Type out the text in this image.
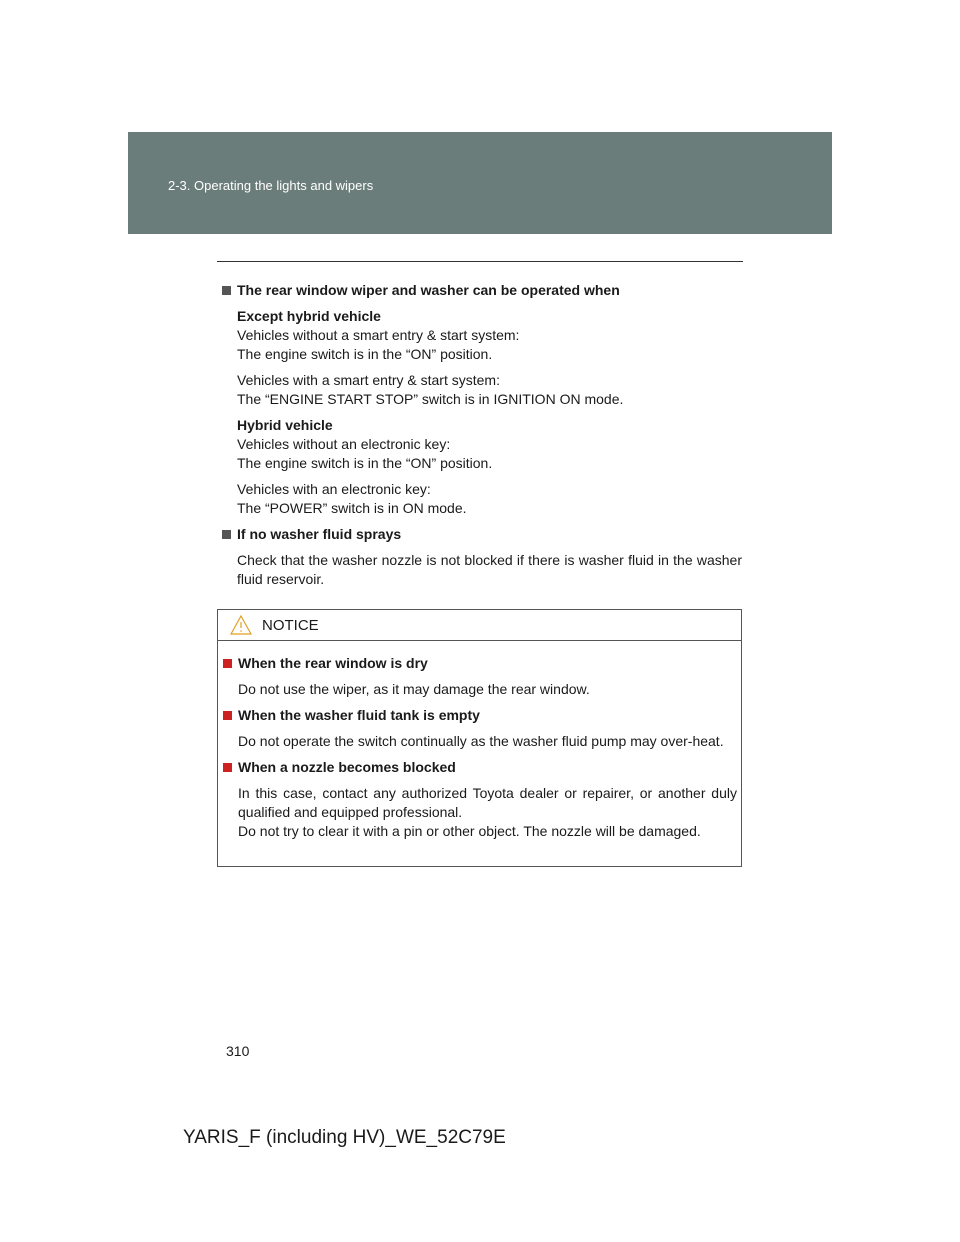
2-3. Operating the lights and wipers
The rear window wiper and washer can be operated when

Except hybrid vehicle

Vehicles without a smart entry & start system:

The engine switch is in the “ON” position.

Vehicles with a smart entry & start system:

The “ENGINE START STOP” switch is in IGNITION ON mode.

Hybrid vehicle

Vehicles without an electronic key:

The engine switch is in the “ON” position.

Vehicles with an electronic key:

The “POWER” switch is in ON mode.

If no washer fluid sprays

Check that the washer nozzle is not blocked if there is washer fluid in the washer fluid reservoir.

NOTICE
When the rear window is dry

Do not use the wiper, as it may damage the rear window.

When the washer fluid tank is empty

Do not operate the switch continually as the washer fluid pump may over-heat.

When a nozzle becomes blocked

In this case, contact any authorized Toyota dealer or repairer, or another duly qualified and equipped professional.

Do not try to clear it with a pin or other object. The nozzle will be damaged.

310
YARIS_F (including HV)_WE_52C79E
